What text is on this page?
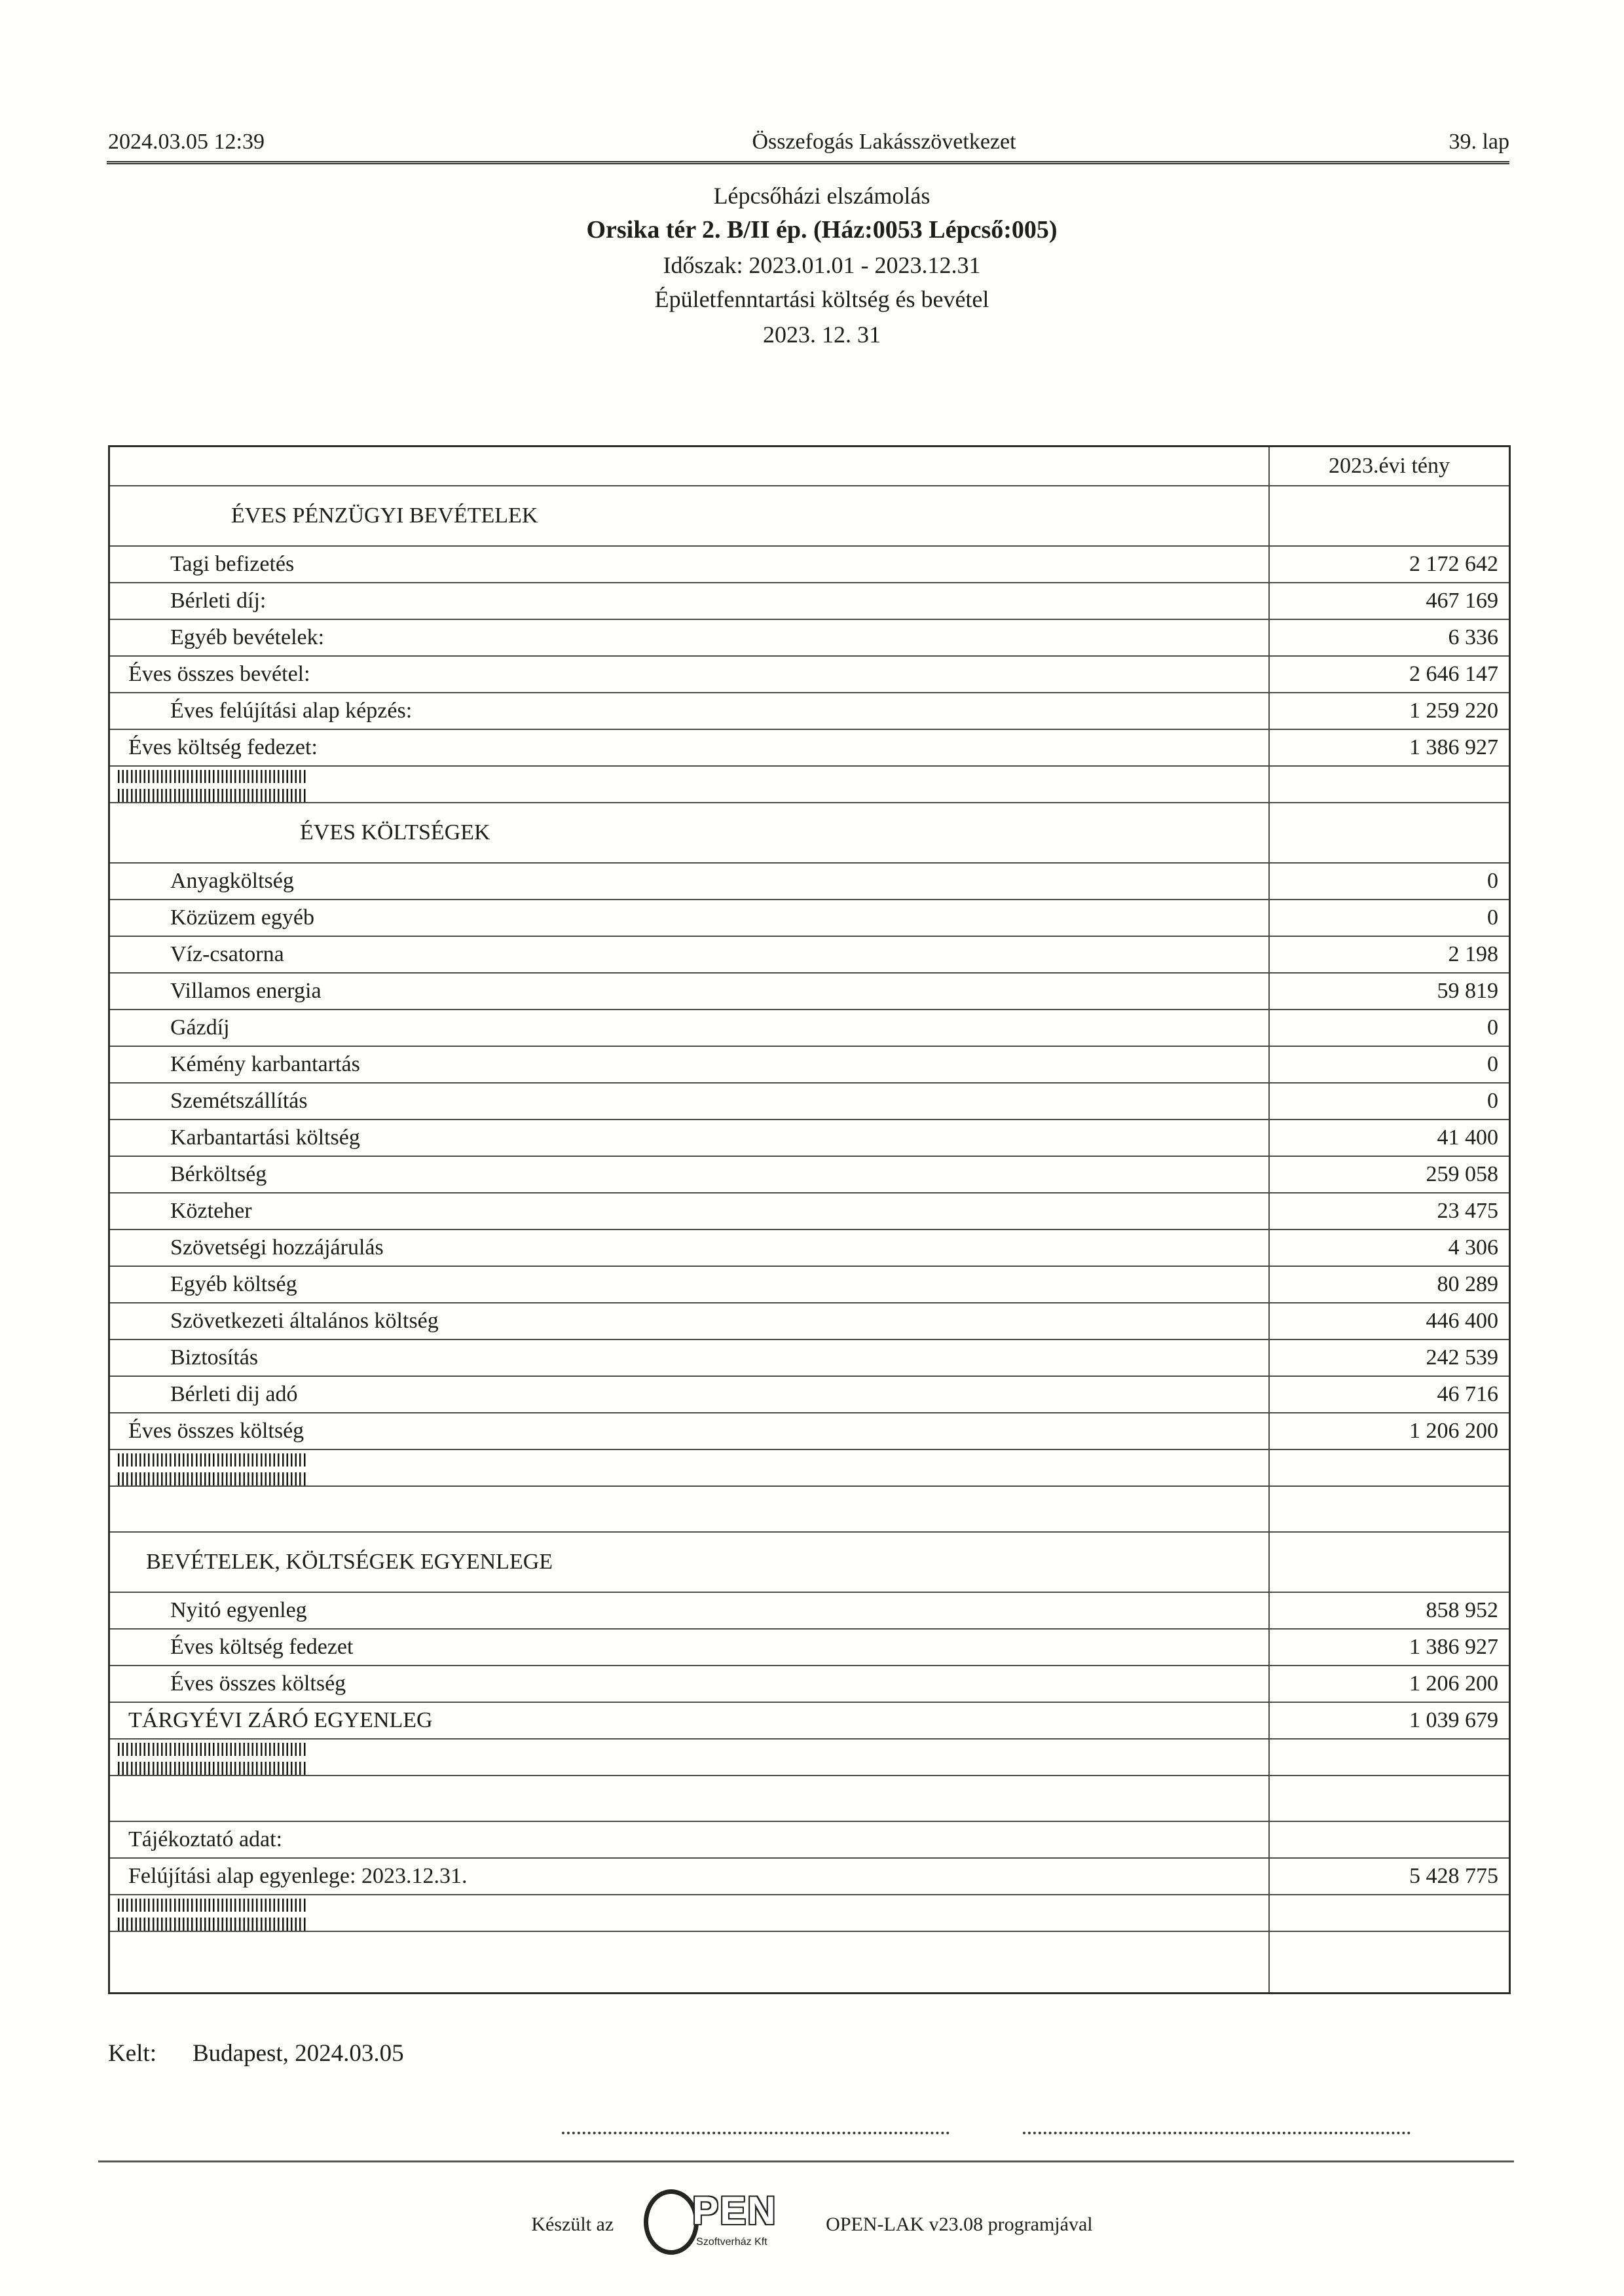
2024.03.05 12:39	Összefogás Lakásszövetkezet	39. lap
Lépcsőházi elszámolás
Orsika tér 2. B/II ép. (Ház:0053 Lépcső:005)
Időszak: 2023.01.01 - 2023.12.31
Épületfenntartási költség és bevétel
2023. 12. 31
2023.évi tény
ÉVES PÉNZÜGYI BEVÉTELEK
Tagi befizetés	2 172 642
Bérleti díj:	467 169
Egyéb bevételek:	6 336
Éves összes bevétel:	2 646 147
Éves felújítási alap képzés:	1 259 220
Éves költség fedezet:	1 386 927
ÉVES KÖLTSÉGEK
Anyagköltség	0
Közüzem egyéb	0
Víz-csatorna	2 198
Villamos energia	59 819
Gázdíj	0
Kémény karbantartás	0
Szemétszállítás	0
Karbantartási költség	41 400
Bérköltség	259 058
Közteher	23 475
Szövetségi hozzájárulás	4 306
Egyéb költség	80 289
Szövetkezeti általános költség	446 400
Biztosítás	242 539
Bérleti dij adó	46 716
Éves összes költség	1 206 200
BEVÉTELEK, KÖLTSÉGEK EGYENLEGE
Nyitó egyenleg	858 952
Éves költség fedezet	1 386 927
Éves összes költség	1 206 200
TÁRGYÉVI ZÁRÓ EGYENLEG	1 039 679
Tájékoztató adat:
Felújítási alap egyenlege: 2023.12.31.	5 428 775
Kelt: Budapest, 2024.03.05
Készült az PEN
Szoftverház Kft
OPEN-LAK v23.08 programjával
